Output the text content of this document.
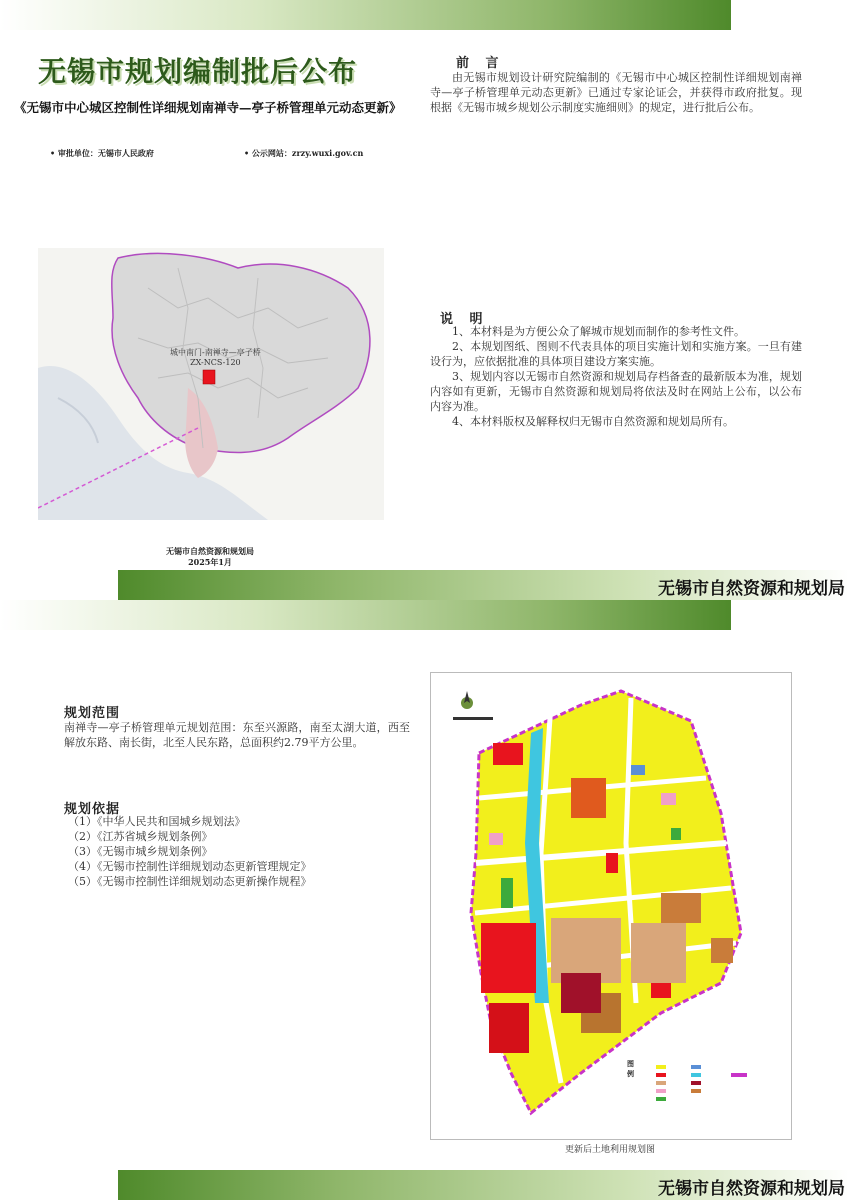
无锡市规划编制批后公布
《无锡市中心城区控制性详细规划南禅寺—亭子桥管理单元动态更新》
• 审批单位：无锡市人民政府	• 公示网站：zrzy.wuxi.gov.cn
前 言
由无锡市规划设计研究院编制的《无锡市中心城区控制性详细规划南禅寺—亭子桥管理单元动态更新》已通过专家论证会，并获得市政府批复。现根据《无锡市城乡规划公示制度实施细则》的规定，进行批后公布。
城中南门-南禅寺—亭子桥
ZX-NCS-120
说 明
1、本材料是为方便公众了解城市规划而制作的参考性文件。
2、本规划图纸、图则不代表具体的项目实施计划和实施方案。一旦有建设行为，应依据批准的具体项目建设方案实施。
3、规划内容以无锡市自然资源和规划局存档备查的最新版本为准，规划内容如有更新，无锡市自然资源和规划局将依法及时在网站上公布，以公布内容为准。
4、本材料版权及解释权归无锡市自然资源和规划局所有。
无锡市自然资源和规划局
2025年1月
无锡市自然资源和规划局
规划范围
南禅寺—亭子桥管理单元规划范围：东至兴源路，南至太湖大道，西至解放东路、南长街，北至人民东路，总面积约2.79平方公里。
规划依据
（1）《中华人民共和国城乡规划法》
（2）《江苏省城乡规划条例》
（3）《无锡市城乡规划条例》
（4）《无锡市控制性详细规划动态更新管理规定》
（5）《无锡市控制性详细规划动态更新操作规程》
图 例
更新后土地利用规划图
无锡市自然资源和规划局
